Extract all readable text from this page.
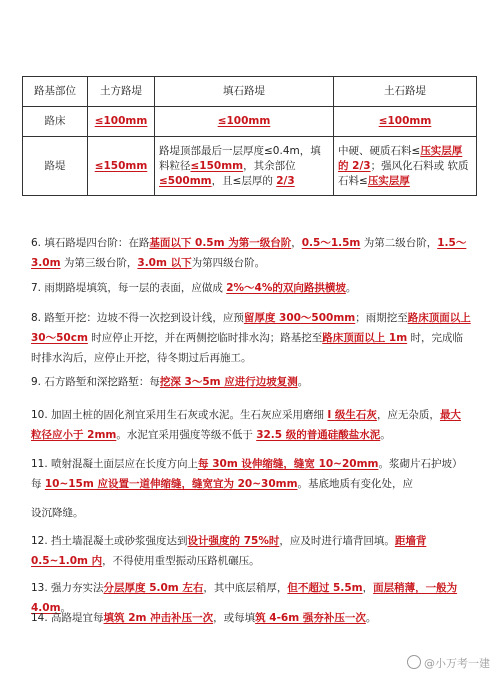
路基部位	土方路堤	填石路堤	土石路堤
路床	≤100mm	≤100mm	≤100mm
路堤	≤150mm	路堤顶部最后一层厚度≤0.4m，填料粒径≤150mm，其余部位≤500mm，且≤层厚的 2/3	中硬、硬质石料≤压实层厚的 2/3；强风化石料或 软质石料≤压实层厚

6. 填石路堤四台阶：在路基面以下 0.5m 为第一级台阶，0.5～1.5m 为第二级台阶，1.5～3.0m 为第三级台阶，3.0m 以下为第四级台阶。

7. 雨期路堤填筑，每一层的表面，应做成 2%～4%的双向路拱横坡。

8. 路堑开挖：边坡不得一次挖到设计线，应预留厚度 300～500mm；雨期挖至路床顶面以上 30～50cm 时应停止开挖，并在两侧挖临时排水沟；路基挖至路床顶面以上 1m 时，完成临时排水沟后，应停止开挖，待冬期过后再施工。

9. 石方路堑和深挖路堑：每挖深 3～5m 应进行边坡复测。

10. 加固土桩的固化剂宜采用生石灰或水泥。生石灰应采用磨细 I 级生石灰，应无杂质，最大粒径应小于 2mm。水泥宜采用强度等级不低于 32.5 级的普通硅酸盐水泥。

11. 喷射混凝土面层应在长度方向上每 30m 设伸缩缝，缝宽 10~20mm。浆砌片石护坡）每 10~15m 应设置一道伸缩缝，缝宽宜为 20~30mm。基底地质有变化处，应

设沉降缝。

12. 挡土墙混凝土或砂浆强度达到设计强度的 75%时，应及时进行墙背回填。距墙背 0.5~1.0m 内，不得使用重型振动压路机碾压。

13. 强力夯实法分层厚度 5.0m 左右，其中底层稍厚，但不超过 5.5m，面层稍薄，一般为 4.0m。

14. 高路堤宜每填筑 2m 冲击补压一次，或每填筑 4-6m 强夯补压一次。

@小万考一建
